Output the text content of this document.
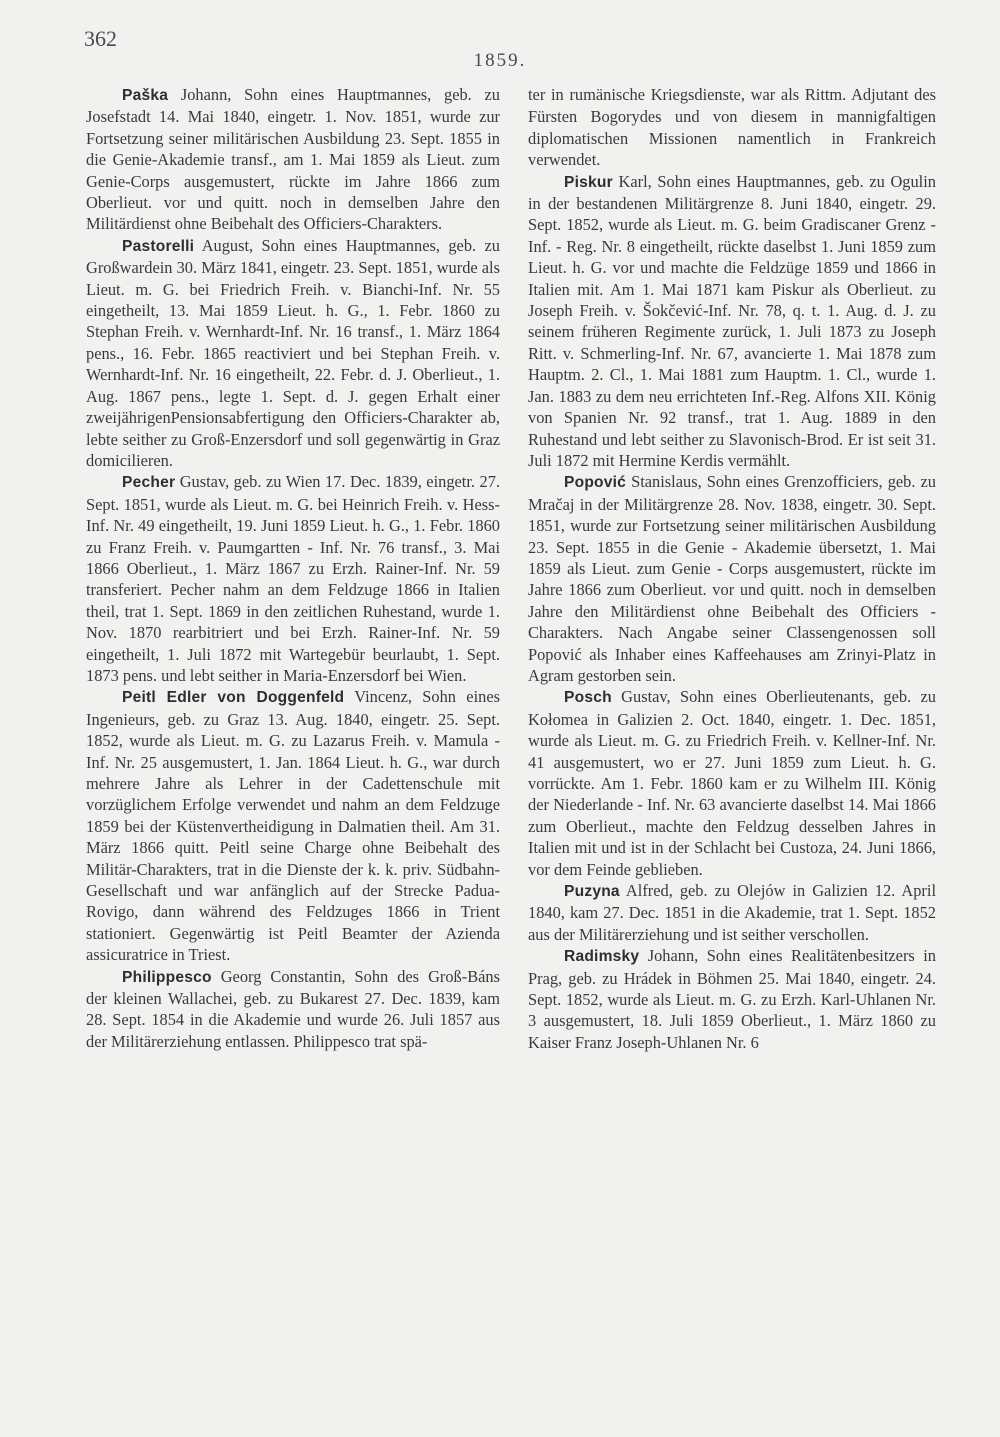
362
1859.

Paška Johann, Sohn eines Hauptmannes, geb. zu Josefstadt 14. Mai 1840, eingetr. 1. Nov. 1851, wurde zur Fortsetzung seiner militärischen Ausbildung 23. Sept. 1855 in die Genie-Akademie transf., am 1. Mai 1859 als Lieut. zum Genie-Corps ausgemustert, rückte im Jahre 1866 zum Oberlieut. vor und quitt. noch in demselben Jahre den Militärdienst ohne Beibehalt des Officiers-Charakters.

Pastorelli August, Sohn eines Hauptmannes, geb. zu Großwardein 30. März 1841, eingetr. 23. Sept. 1851, wurde als Lieut. m. G. bei Friedrich Freih. v. Bianchi-Inf. Nr. 55 eingetheilt, 13. Mai 1859 Lieut. h. G., 1. Febr. 1860 zu Stephan Freih. v. Wernhardt-Inf. Nr. 16 transf., 1. März 1864 pens., 16. Febr. 1865 reactiviert und bei Stephan Freih. v. Wernhardt-Inf. Nr. 16 eingetheilt, 22. Febr. d. J. Oberlieut., 1. Aug. 1867 pens., legte 1. Sept. d. J. gegen Erhalt einer zweijährigenPensionsabfertigung den Officiers-Charakter ab, lebte seither zu Groß-Enzersdorf und soll gegenwärtig in Graz domicilieren.

Pecher Gustav, geb. zu Wien 17. Dec. 1839, eingetr. 27. Sept. 1851, wurde als Lieut. m. G. bei Heinrich Freih. v. Hess-Inf. Nr. 49 eingetheilt, 19. Juni 1859 Lieut. h. G., 1. Febr. 1860 zu Franz Freih. v. Paumgartten - Inf. Nr. 76 transf., 3. Mai 1866 Oberlieut., 1. März 1867 zu Erzh. Rainer-Inf. Nr. 59 transferiert. Pecher nahm an dem Feldzuge 1866 in Italien theil, trat 1. Sept. 1869 in den zeitlichen Ruhestand, wurde 1. Nov. 1870 rearbitriert und bei Erzh. Rainer-Inf. Nr. 59 eingetheilt, 1. Juli 1872 mit Wartegebür beurlaubt, 1. Sept. 1873 pens. und lebt seither in Maria-Enzersdorf bei Wien.

Peitl Edler von Doggenfeld Vincenz, Sohn eines Ingenieurs, geb. zu Graz 13. Aug. 1840, eingetr. 25. Sept. 1852, wurde als Lieut. m. G. zu Lazarus Freih. v. Mamula - Inf. Nr. 25 ausgemustert, 1. Jan. 1864 Lieut. h. G., war durch mehrere Jahre als Lehrer in der Cadettenschule mit vorzüglichem Erfolge verwendet und nahm an dem Feldzuge 1859 bei der Küstenvertheidigung in Dalmatien theil. Am 31. März 1866 quitt. Peitl seine Charge ohne Beibehalt des Militär-Charakters, trat in die Dienste der k. k. priv. Südbahn-Gesellschaft und war anfänglich auf der Strecke Padua-Rovigo, dann während des Feldzuges 1866 in Trient stationiert. Gegenwärtig ist Peitl Beamter der Azienda assicuratrice in Triest.

Philippesco Georg Constantin, Sohn des Groß-Báns der kleinen Wallachei, geb. zu Bukarest 27. Dec. 1839, kam 28. Sept. 1854 in die Akademie und wurde 26. Juli 1857 aus der Militärerziehung entlassen. Philippesco trat spä-

ter in rumänische Kriegsdienste, war als Rittm. Adjutant des Fürsten Bogorydes und von diesem in mannigfaltigen diplomatischen Missionen namentlich in Frankreich verwendet.

Piskur Karl, Sohn eines Hauptmannes, geb. zu Ogulin in der bestandenen Militärgrenze 8. Juni 1840, eingetr. 29. Sept. 1852, wurde als Lieut. m. G. beim Gradiscaner Grenz - Inf. - Reg. Nr. 8 eingetheilt, rückte daselbst 1. Juni 1859 zum Lieut. h. G. vor und machte die Feldzüge 1859 und 1866 in Italien mit. Am 1. Mai 1871 kam Piskur als Oberlieut. zu Joseph Freih. v. Šokčević-Inf. Nr. 78, q. t. 1. Aug. d. J. zu seinem früheren Regimente zurück, 1. Juli 1873 zu Joseph Ritt. v. Schmerling-Inf. Nr. 67, avancierte 1. Mai 1878 zum Hauptm. 2. Cl., 1. Mai 1881 zum Hauptm. 1. Cl., wurde 1. Jan. 1883 zu dem neu errichteten Inf.-Reg. Alfons XII. König von Spanien Nr. 92 transf., trat 1. Aug. 1889 in den Ruhestand und lebt seither zu Slavonisch-Brod. Er ist seit 31. Juli 1872 mit Hermine Kerdis vermählt.

Popović Stanislaus, Sohn eines Grenzofficiers, geb. zu Mračaj in der Militärgrenze 28. Nov. 1838, eingetr. 30. Sept. 1851, wurde zur Fortsetzung seiner militärischen Ausbildung 23. Sept. 1855 in die Genie - Akademie übersetzt, 1. Mai 1859 als Lieut. zum Genie - Corps ausgemustert, rückte im Jahre 1866 zum Oberlieut. vor und quitt. noch in demselben Jahre den Militärdienst ohne Beibehalt des Officiers - Charakters. Nach Angabe seiner Classengenossen soll Popović als Inhaber eines Kaffeehauses am Zrinyi-Platz in Agram gestorben sein.

Posch Gustav, Sohn eines Oberlieutenants, geb. zu Kołomea in Galizien 2. Oct. 1840, eingetr. 1. Dec. 1851, wurde als Lieut. m. G. zu Friedrich Freih. v. Kellner-Inf. Nr. 41 ausgemustert, wo er 27. Juni 1859 zum Lieut. h. G. vorrückte. Am 1. Febr. 1860 kam er zu Wilhelm III. König der Niederlande - Inf. Nr. 63 avancierte daselbst 14. Mai 1866 zum Oberlieut., machte den Feldzug desselben Jahres in Italien mit und ist in der Schlacht bei Custoza, 24. Juni 1866, vor dem Feinde geblieben.

Puzyna Alfred, geb. zu Olejów in Galizien 12. April 1840, kam 27. Dec. 1851 in die Akademie, trat 1. Sept. 1852 aus der Militärerziehung und ist seither verschollen.

Radimsky Johann, Sohn eines Realitätenbesitzers in Prag, geb. zu Hrádek in Böhmen 25. Mai 1840, eingetr. 24. Sept. 1852, wurde als Lieut. m. G. zu Erzh. Karl-Uhlanen Nr. 3 ausgemustert, 18. Juli 1859 Oberlieut., 1. März 1860 zu Kaiser Franz Joseph-Uhlanen Nr. 6
